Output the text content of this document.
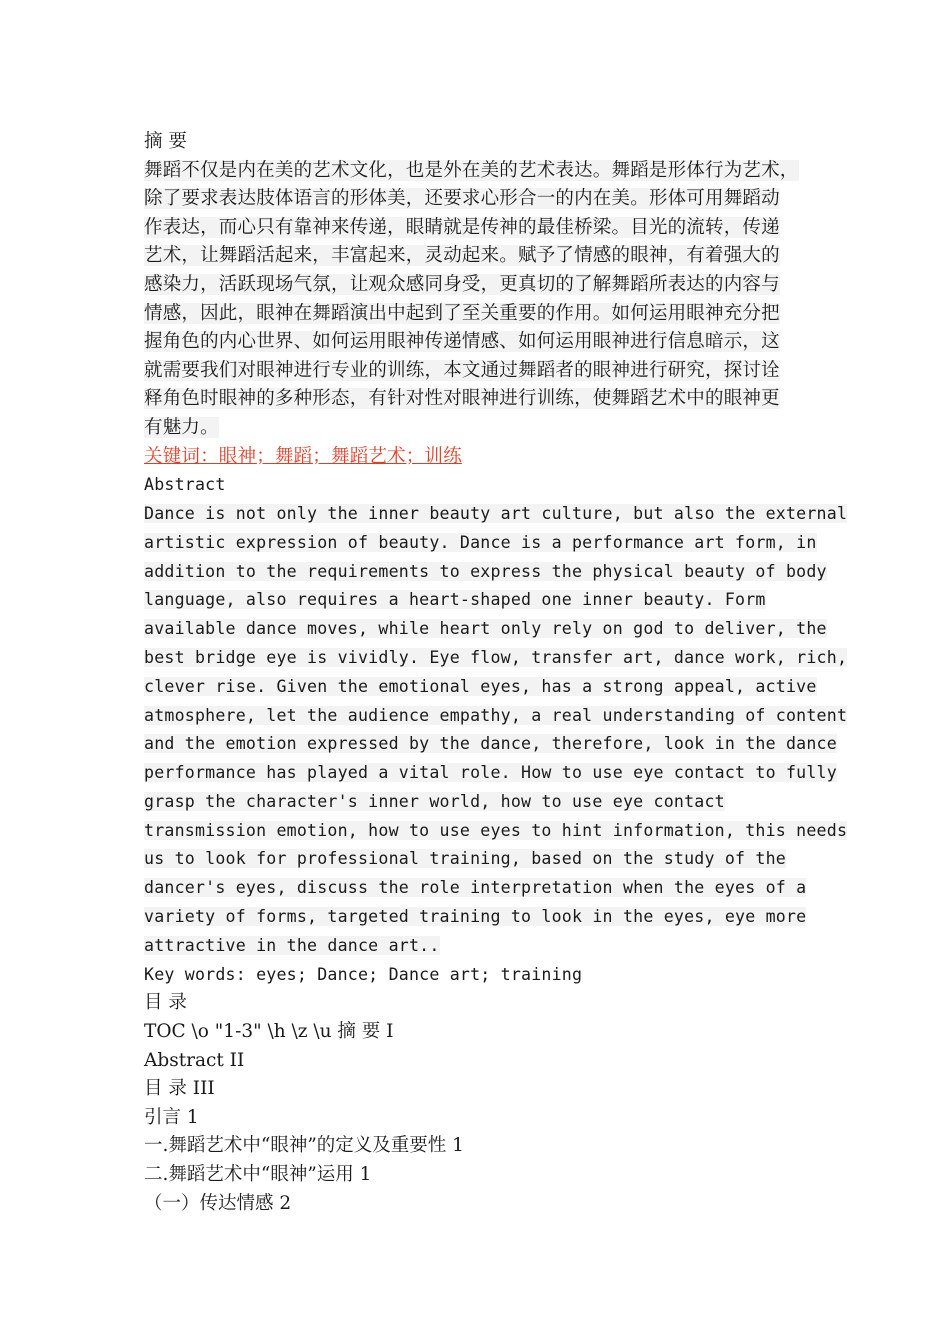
摘 要

舞蹈不仅是内在美的艺术文化，也是外在美的艺术表达。舞蹈是形体行为艺术，

除了要求表达肢体语言的形体美，还要求心形合一的内在美。形体可用舞蹈动

作表达，而心只有靠神来传递，眼睛就是传神的最佳桥梁。目光的流转，传递

艺术，让舞蹈活起来，丰富起来，灵动起来。赋予了情感的眼神，有着强大的

感染力，活跃现场气氛，让观众感同身受，更真切的了解舞蹈所表达的内容与

情感，因此，眼神在舞蹈演出中起到了至关重要的作用。如何运用眼神充分把

握角色的内心世界、如何运用眼神传递情感、如何运用眼神进行信息暗示，这

就需要我们对眼神进行专业的训练，本文通过舞蹈者的眼神进行研究，探讨诠

释角色时眼神的多种形态，有针对性对眼神进行训练，使舞蹈艺术中的眼神更

有魅力。

关键词：眼神；舞蹈；舞蹈艺术；训练

Abstract

Dance is not only the inner beauty art culture, but also the external

artistic expression of beauty. Dance is a performance art form, in

addition to the requirements to express the physical beauty of body

language, also requires a heart-shaped one inner beauty. Form

available dance moves, while heart only rely on god to deliver, the

best bridge eye is vividly. Eye flow, transfer art, dance work, rich,

clever rise. Given the emotional eyes, has a strong appeal, active

atmosphere, let the audience empathy, a real understanding of content

and the emotion expressed by the dance, therefore, look in the dance

performance has played a vital role. How to use eye contact to fully

grasp the character's inner world, how to use eye contact

transmission emotion, how to use eyes to hint information, this needs

us to look for professional training, based on the study of the

dancer's eyes, discuss the role interpretation when the eyes of a

variety of forms, targeted training to look in the eyes, eye more

attractive in the dance art..

Key words: eyes; Dance; Dance art; training

目 录

TOC \o "1-3" \h \z \u 摘 要 I

Abstract II

目 录 III

引言 1

一.舞蹈艺术中“眼神”的定义及重要性 1

二.舞蹈艺术中“眼神”运用 1

（一）传达情感 2
